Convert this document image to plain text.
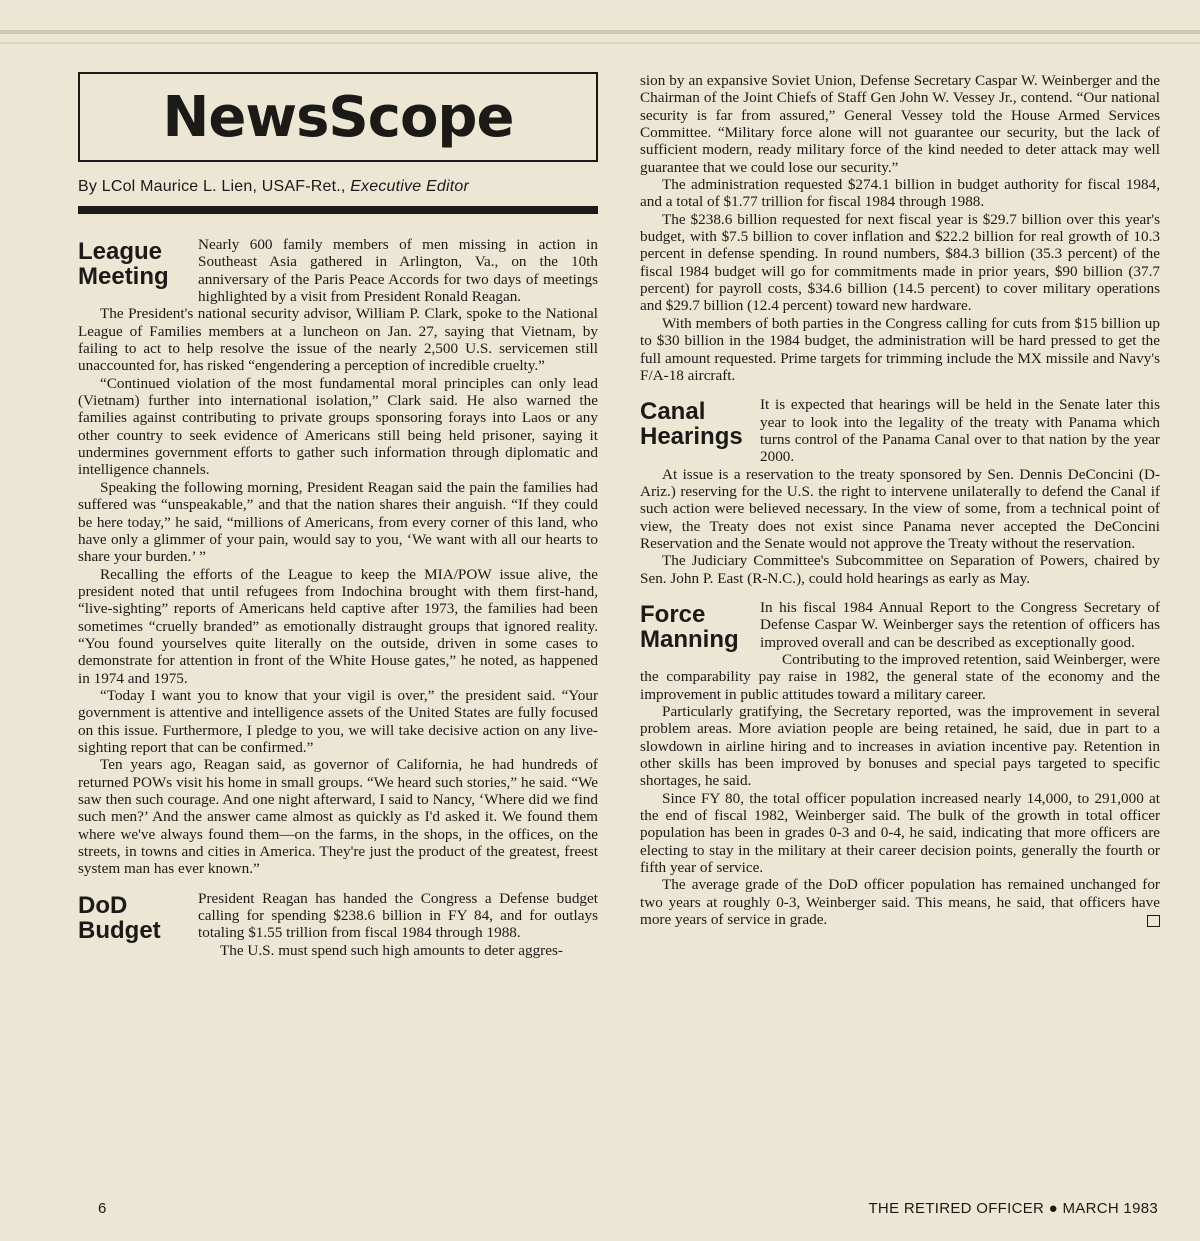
NewsScope
By LCol Maurice L. Lien, USAF-Ret., Executive Editor
League
Meeting

Nearly 600 family members of men missing in action in Southeast Asia gathered in Arlington, Va., on the 10th anniversary of the Paris Peace Accords for two days of meetings highlighted by a visit from President Ronald Reagan.

The President's national security advisor, William P. Clark, spoke to the National League of Families members at a luncheon on Jan. 27, saying that Vietnam, by failing to act to help resolve the issue of the nearly 2,500 U.S. servicemen still unaccounted for, has risked “engendering a perception of incredible cruelty.”

“Continued violation of the most fundamental moral principles can only lead (Vietnam) further into international isolation,” Clark said. He also warned the families against contributing to private groups sponsoring forays into Laos or any other country to seek evidence of Americans still being held prisoner, saying it undermines government efforts to gather such information through diplomatic and intelligence channels.

Speaking the following morning, President Reagan said the pain the families had suffered was “unspeakable,” and that the nation shares their anguish. “If they could be here today,” he said, “millions of Americans, from every corner of this land, who have only a glimmer of your pain, would say to you, ‘We want with all our hearts to share your burden.’ ”

Recalling the efforts of the League to keep the MIA/POW issue alive, the president noted that until refugees from Indochina brought with them first-hand, “live-sighting” reports of Americans held captive after 1973, the families had been sometimes “cruelly branded” as emotionally distraught groups that ignored reality. “You found yourselves quite literally on the outside, driven in some cases to demonstrate for attention in front of the White House gates,” he noted, as happened in 1974 and 1975.

“Today I want you to know that your vigil is over,” the president said. “Your government is attentive and intelligence assets of the United States are fully focused on this issue. Furthermore, I pledge to you, we will take decisive action on any live-sighting report that can be confirmed.”

Ten years ago, Reagan said, as governor of California, he had hundreds of returned POWs visit his home in small groups. “We heard such stories,” he said. “We saw then such courage. And one night afterward, I said to Nancy, ‘Where did we find such men?’ And the answer came almost as quickly as I'd asked it. We found them where we've always found them—on the farms, in the shops, in the offices, on the streets, in towns and cities in America. They're just the product of the greatest, freest system man has ever known.”

DoD
Budget

President Reagan has handed the Congress a Defense budget calling for spending $238.6 billion in FY 84, and for outlays totaling $1.55 trillion from fiscal 1984 through 1988.

The U.S. must spend such high amounts to deter aggres-

sion by an expansive Soviet Union, Defense Secretary Caspar W. Weinberger and the Chairman of the Joint Chiefs of Staff Gen John W. Vessey Jr., contend. “Our national security is far from assured,” General Vessey told the House Armed Services Committee. “Military force alone will not guarantee our security, but the lack of sufficient modern, ready military force of the kind needed to deter attack may well guarantee that we could lose our security.”

The administration requested $274.1 billion in budget authority for fiscal 1984, and a total of $1.77 trillion for fiscal 1984 through 1988.

The $238.6 billion requested for next fiscal year is $29.7 billion over this year's budget, with $7.5 billion to cover inflation and $22.2 billion for real growth of 10.3 percent in defense spending. In round numbers, $84.3 billion (35.3 percent) of the fiscal 1984 budget will go for commitments made in prior years, $90 billion (37.7 percent) for payroll costs, $34.6 billion (14.5 percent) to cover military operations and $29.7 billion (12.4 percent) toward new hardware.

With members of both parties in the Congress calling for cuts from $15 billion up to $30 billion in the 1984 budget, the administration will be hard pressed to get the full amount requested. Prime targets for trimming include the MX missile and Navy's F/A-18 aircraft.

Canal
Hearings

It is expected that hearings will be held in the Senate later this year to look into the legality of the treaty with Panama which turns control of the Panama Canal over to that nation by the year 2000.

At issue is a reservation to the treaty sponsored by Sen. Dennis DeConcini (D-Ariz.) reserving for the U.S. the right to intervene unilaterally to defend the Canal if such action were believed necessary. In the view of some, from a technical point of view, the Treaty does not exist since Panama never accepted the DeConcini Reservation and the Senate would not approve the Treaty without the reservation.

The Judiciary Committee's Subcommittee on Separation of Powers, chaired by Sen. John P. East (R-N.C.), could hold hearings as early as May.

Force
Manning

In his fiscal 1984 Annual Report to the Congress Secretary of Defense Caspar W. Weinberger says the retention of officers has improved overall and can be described as exceptionally good.

Contributing to the improved retention, said Weinberger, were the comparability pay raise in 1982, the general state of the economy and the improvement in public attitudes toward a military career.

Particularly gratifying, the Secretary reported, was the improvement in several problem areas. More aviation people are being retained, he said, due in part to a slowdown in airline hiring and to increases in aviation incentive pay. Retention in other skills has been improved by bonuses and special pays targeted to specific shortages, he said.

Since FY 80, the total officer population increased nearly 14,000, to 291,000 at the end of fiscal 1982, Weinberger said. The bulk of the growth in total officer population has been in grades 0-3 and 0-4, he said, indicating that more officers are electing to stay in the military at their career decision points, generally the fourth or fifth year of service.

The average grade of the DoD officer population has remained unchanged for two years at roughly 0-3, Weinberger said. This means, he said, that officers have more years of service in grade.

6	THE RETIRED OFFICER ● MARCH 1983
